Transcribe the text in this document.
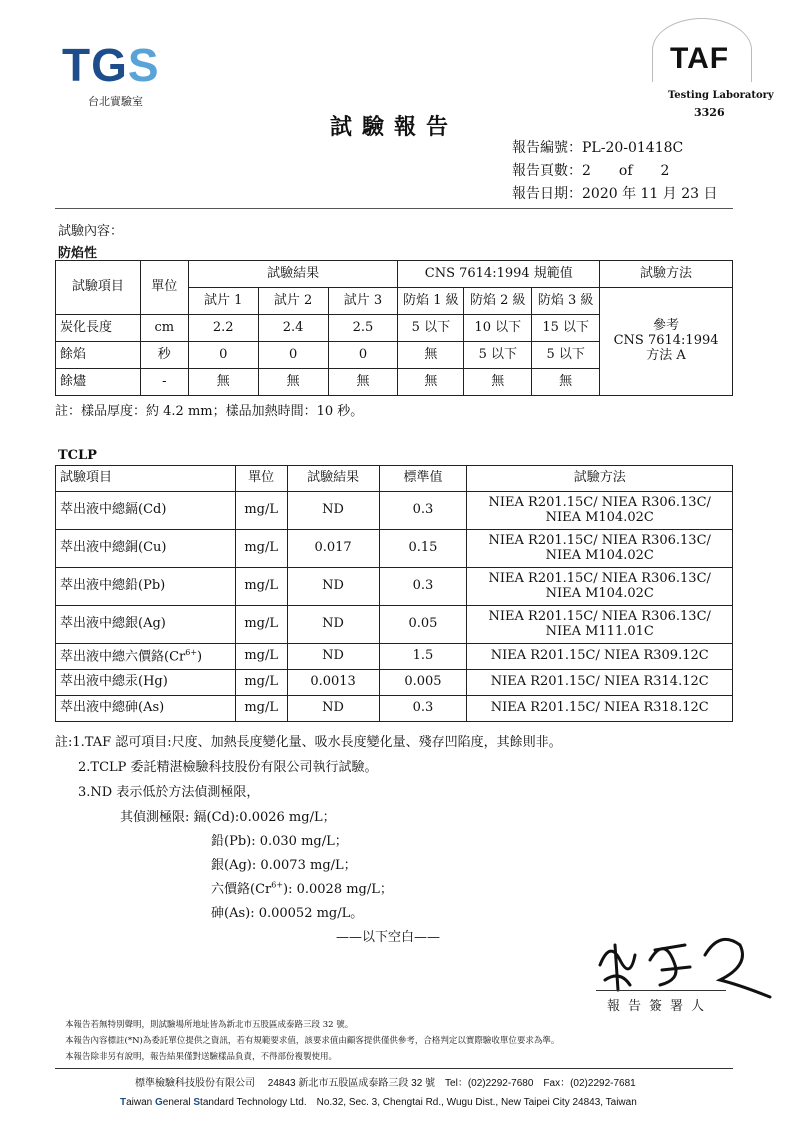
TGS
台北實驗室
TAF
Testing Laboratory
3326
試驗報告
報告編號：PL-20-01418C
報告頁數：2　　of　　2
報告日期：2020 年 11 月 23 日
試驗內容：
防焰性
試驗項目	單位	試驗結果			CNS 7614:1994 規範值			試驗方法
		試片 1	試片 2	試片 3	防焰 1 級	防焰 2 級	防焰 3 級	參考
CNS 7614:1994
方法 A

炭化長度	cm	2.2	2.4	2.5	5 以下	10 以下	15 以下	
餘焰	秒	0	0	0	無	5 以下	5 以下	
餘燼	-	無	無	無	無	無	無	
註：樣品厚度：約 4.2 mm；樣品加熱時間：10 秒。
TCLP
試驗項目	單位	試驗結果	標準值	試驗方法
萃出液中總鎘(Cd)	mg/L	ND	0.3	NIEA R201.15C/ NIEA R306.13C/
NIEA M104.02C

萃出液中總銅(Cu)	mg/L	0.017	0.15	NIEA R201.15C/ NIEA R306.13C/
NIEA M104.02C

萃出液中總鉛(Pb)	mg/L	ND	0.3	NIEA R201.15C/ NIEA R306.13C/
NIEA M104.02C

萃出液中總銀(Ag)	mg/L	ND	0.05	NIEA R201.15C/ NIEA R306.13C/
NIEA M111.01C

萃出液中總六價鉻$(Cr^{6+})$	mg/L	ND	1.5	NIEA R201.15C/ NIEA R309.12C
萃出液中總汞(Hg)	mg/L	0.0013	0.005	NIEA R201.15C/ NIEA R314.12C
萃出液中總砷(As)	mg/L	ND	0.3	NIEA R201.15C/ NIEA R318.12C
註:1.TAF 認可項目:尺度、加熱長度變化量、吸水長度變化量、殘存凹陷度，其餘則非。
2.TCLP 委託精湛檢驗科技股份有限公司執行試驗。
3.ND 表示低於方法偵測極限，
其偵測極限: 鎘(Cd):0.0026 mg/L；
鉛(Pb): 0.030 mg/L；
銀(Ag): 0.0073 mg/L；
六價鉻$(Cr^{6+})$: 0.0028 mg/L；
砷(As): 0.00052 mg/L。
——以下空白——
報告簽署人
本報告若無特別聲明，則試驗場所地址皆為新北市五股區成泰路三段 32 號。
本報告內容標註(*N)為委託單位提供之資訊，若有規範要求值，該要求值由顧客提供僅供參考，合格判定以實際驗收單位要求為準。
本報告除非另有說明，報告結果僅對送驗樣品負責，不得部份複製使用。
標準檢驗科技股份有限公司　 24843 新北市五股區成泰路三段 32 號　Tel：(02)2292-7680　Fax：(02)2292-7681
Taiwan General Standard Technology Ltd.　No.32, Sec. 3, Chengtai Rd., Wugu Dist., New Taipei City 24843, Taiwan
